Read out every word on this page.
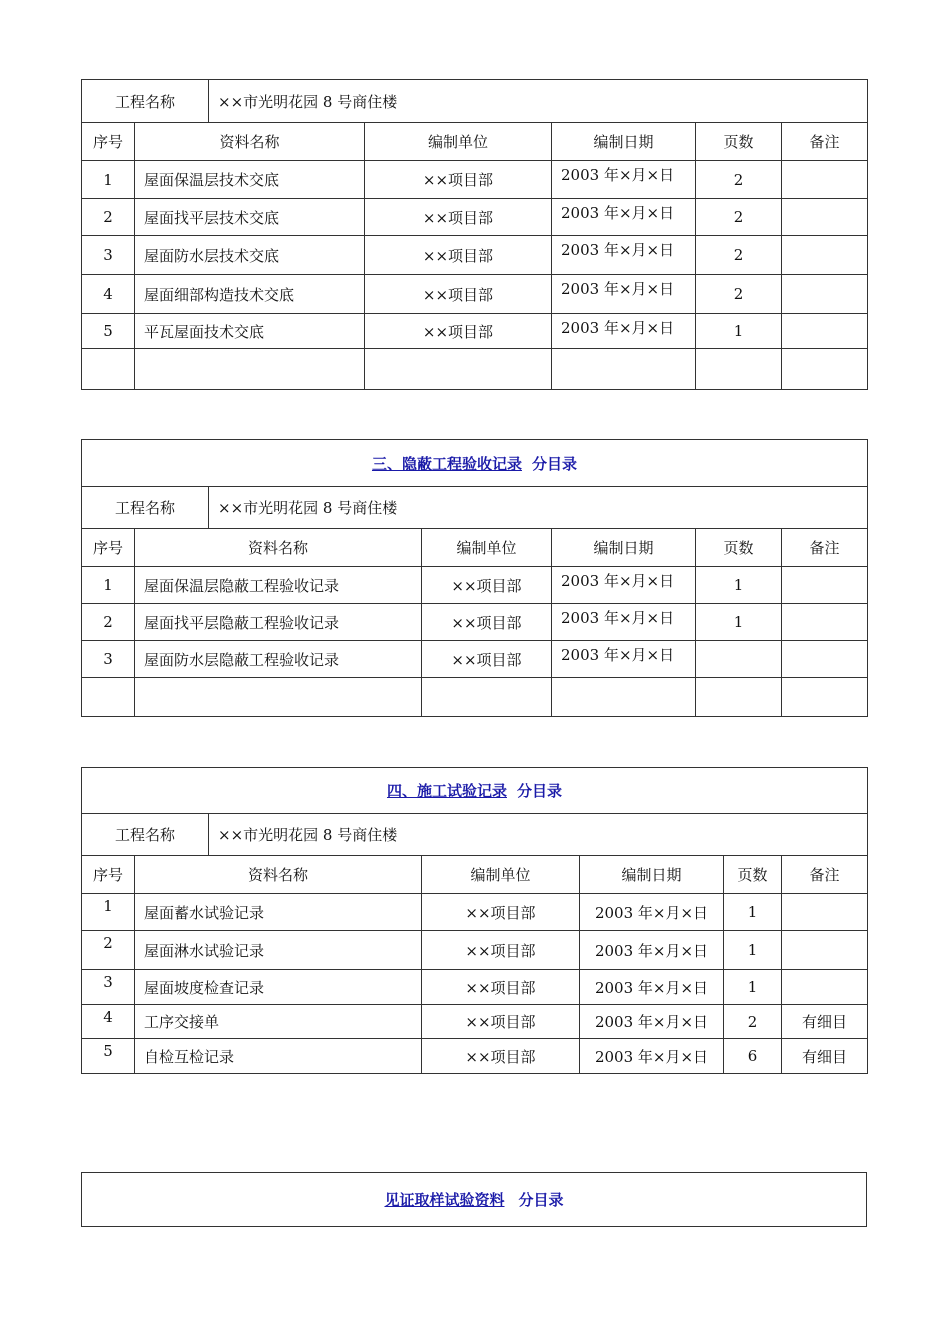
工程名称	××市光明花园 8 号商住楼
序号	资料名称	编制单位	编制日期	页数	备注
1	屋面保温层技术交底	××项目部	2003 年×月×日	2
2	屋面找平层技术交底	××项目部	2003 年×月×日	2
3	屋面防水层技术交底	××项目部	2003 年×月×日	2
4	屋面细部构造技术交底	××项目部	2003 年×月×日	2
5	平瓦屋面技术交底	××项目部	2003 年×月×日	1
三、隐蔽工程验收记录 分目录
工程名称	××市光明花园 8 号商住楼
序号	资料名称	编制单位	编制日期	页数	备注
1	屋面保温层隐蔽工程验收记录	××项目部	2003 年×月×日	1
2	屋面找平层隐蔽工程验收记录	××项目部	2003 年×月×日	1
3	屋面防水层隐蔽工程验收记录	××项目部	2003 年×月×日
四、施工试验记录 分目录
工程名称	××市光明花园 8 号商住楼
序号	资料名称	编制单位	编制日期	页数	备注
1	屋面蓄水试验记录	××项目部	2003 年×月×日	1
2	屋面淋水试验记录	××项目部	2003 年×月×日	1
3	屋面坡度检查记录	××项目部	2003 年×月×日	1
4	工序交接单	××项目部	2003 年×月×日	2	有细目
5	自检互检记录	××项目部	2003 年×月×日	6	有细目
见证取样试验资料 分目录
